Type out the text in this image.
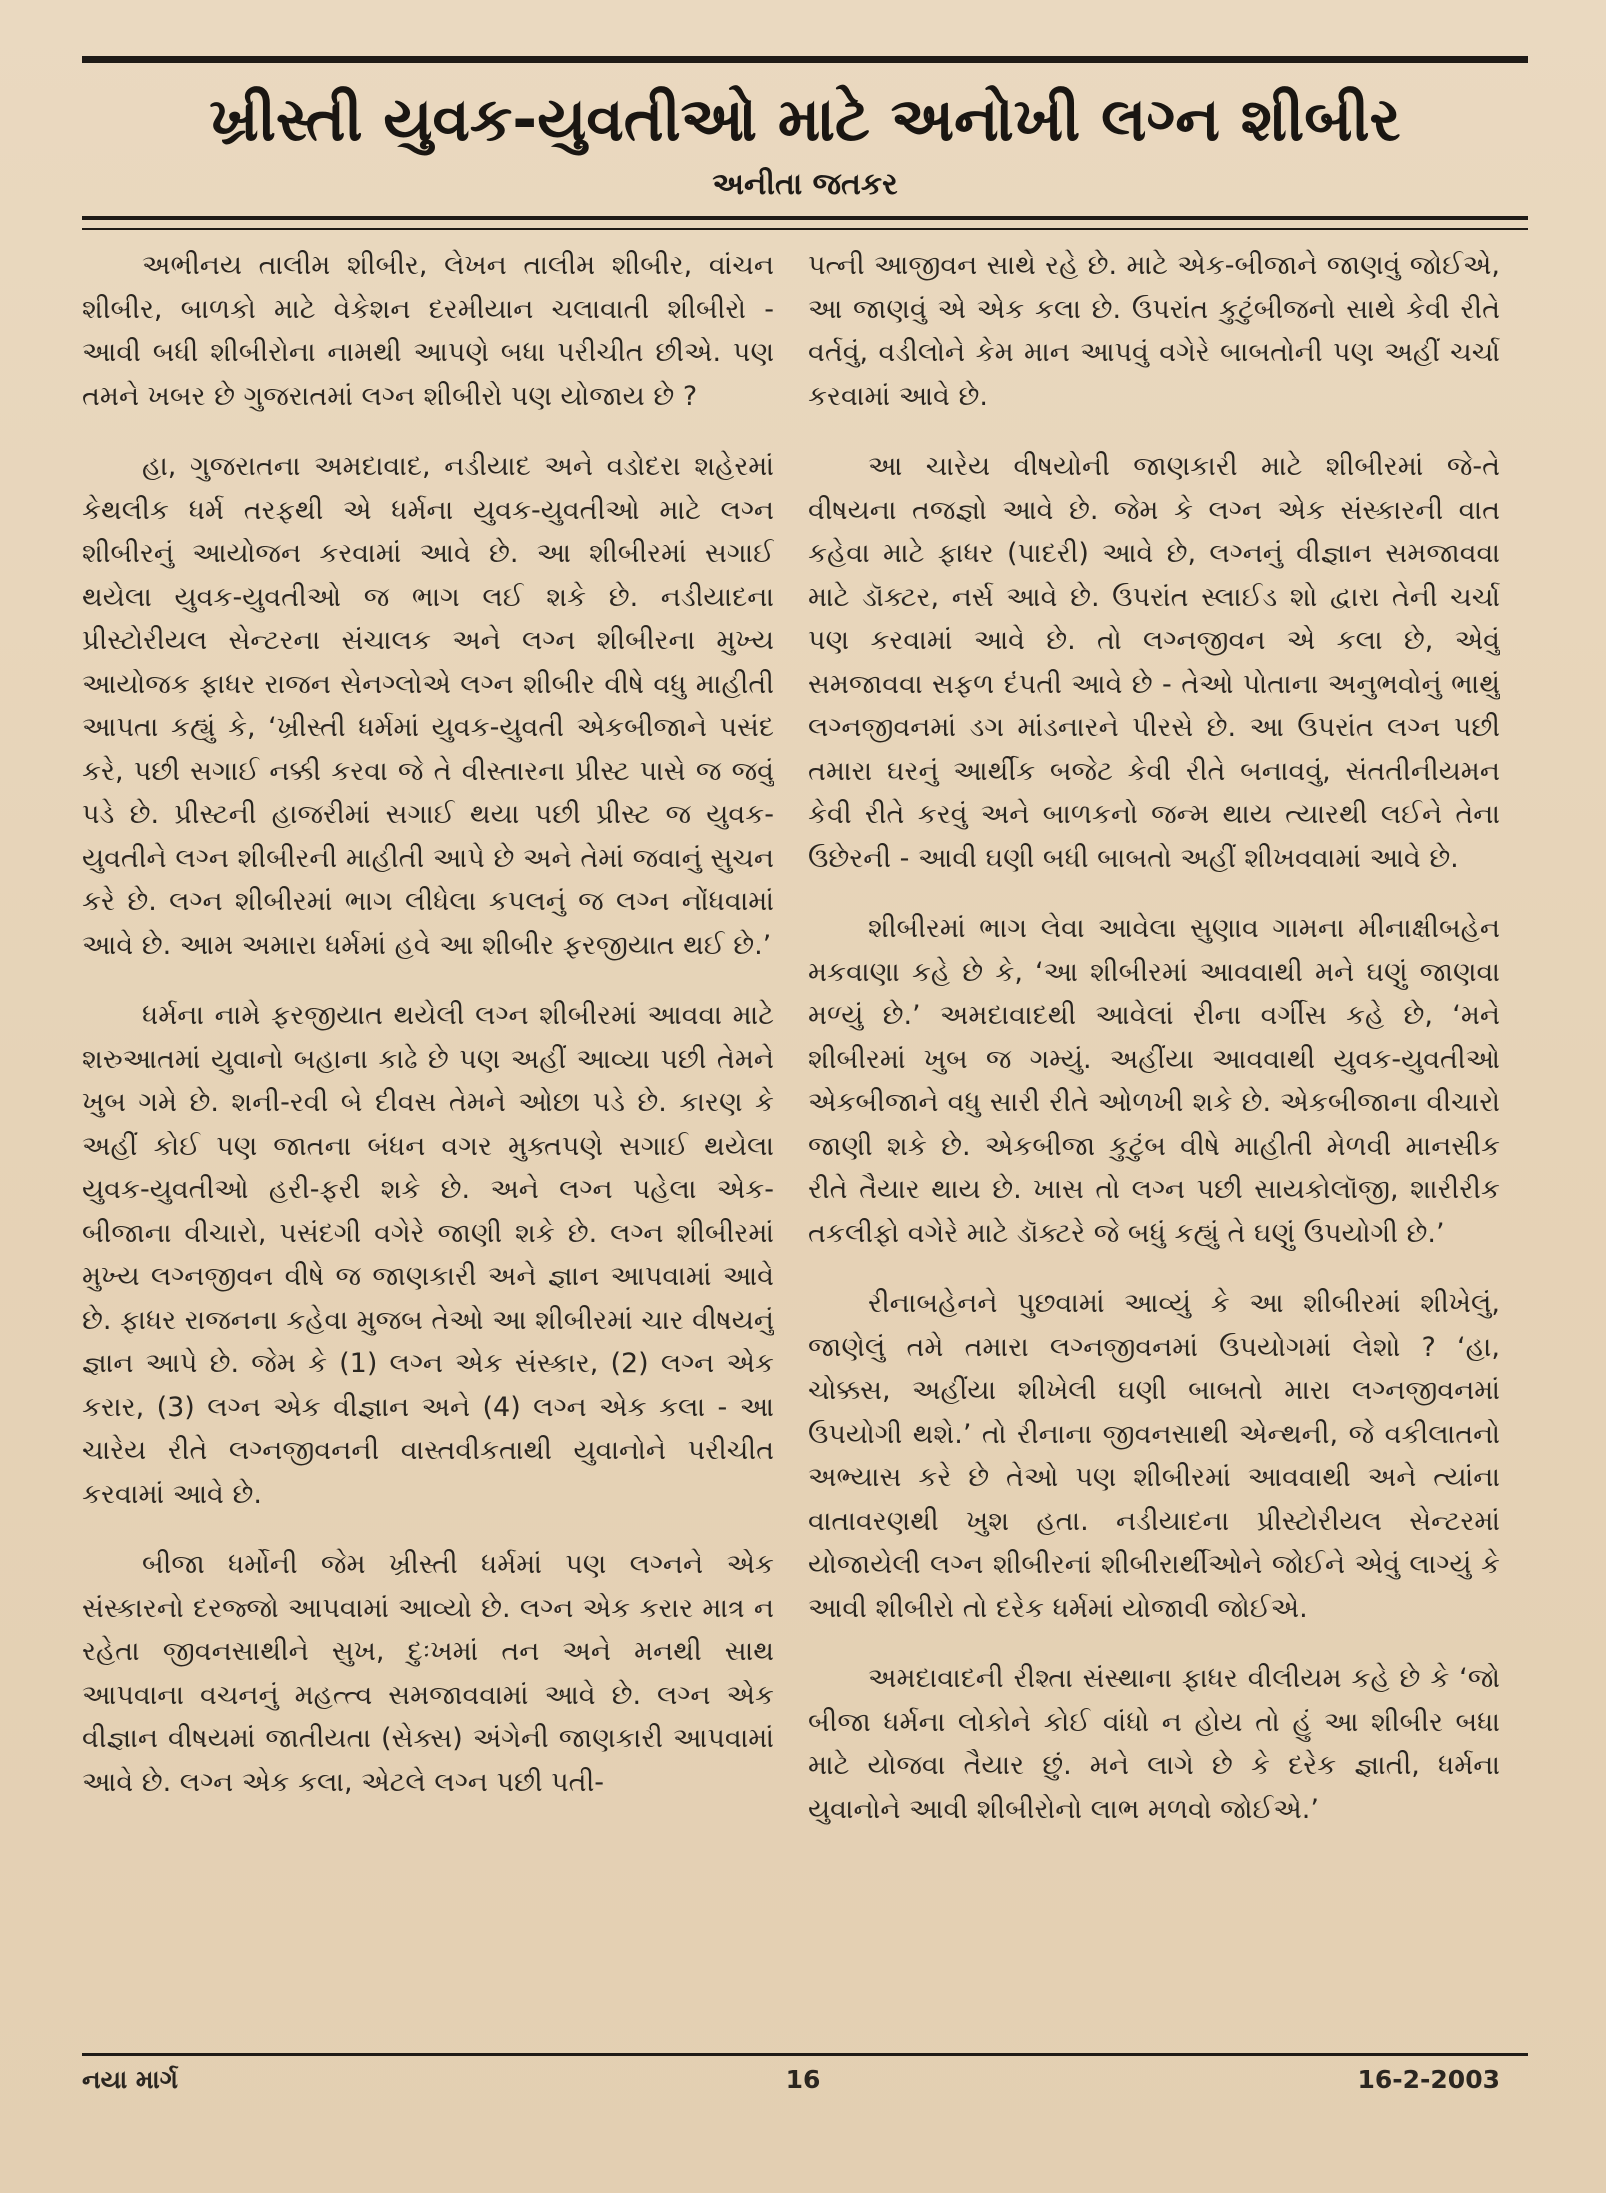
ખ્રીસ્તી યુવક-યુવતીઓ માટે અનોખી લગ્ન શીબીર
અનીતા જતકર

અભીનય તાલીમ શીબીર, લેખન તાલીમ શીબીર, વાંચન શીબીર, બાળકો માટે વેકેશન દરમીયાન ચલાવાતી શીબીરો - આવી બધી શીબીરોના નામથી આપણે બધા પરીચીત છીએ. પણ તમને ખબર છે ગુજરાતમાં લગ્ન શીબીરો પણ યોજાય છે ?

હા, ગુજરાતના અમદાવાદ, નડીયાદ અને વડોદરા શહેરમાં કેથલીક ધર્મ તરફથી એ ધર્મના યુવક-યુવતીઓ માટે લગ્ન શીબીરનું આયોજન કરવામાં આવે છે. આ શીબીરમાં સગાઈ થયેલા યુવક-યુવતીઓ જ ભાગ લઈ શકે છે. નડીયાદના પ્રીસ્ટોરીયલ સેન્ટરના સંચાલક અને લગ્ન શીબીરના મુખ્ય આયોજક ફાધર રાજન સેનગ્લોએ લગ્ન શીબીર વીષે વધુ માહીતી આપતા કહ્યું કે, ‘ખ્રીસ્તી ધર્મમાં યુવક-યુવતી એકબીજાને પસંદ કરે, પછી સગાઈ નક્કી કરવા જે તે વીસ્તારના પ્રીસ્ટ પાસે જ જવું પડે છે. પ્રીસ્ટની હાજરીમાં સગાઈ થયા પછી પ્રીસ્ટ જ યુવક-યુવતીને લગ્ન શીબીરની માહીતી આપે છે અને તેમાં જવાનું સુચન કરે છે. લગ્ન શીબીરમાં ભાગ લીધેલા કપલનું જ લગ્ન નોંધવામાં આવે છે. આમ અમારા ધર્મમાં હવે આ શીબીર ફરજીયાત થઈ છે.’

ધર્મના નામે ફરજીયાત થયેલી લગ્ન શીબીરમાં આવવા માટે શરુઆતમાં યુવાનો બહાના કાઢે છે પણ અહીં આવ્યા પછી તેમને ખુબ ગમે છે. શની-રવી બે દીવસ તેમને ઓછા પડે છે. કારણ કે અહીં કોઈ પણ જાતના બંધન વગર મુક્તપણે સગાઈ થયેલા યુવક-યુવતીઓ હરી-ફરી શકે છે. અને લગ્ન પહેલા એક-બીજાના વીચારો, પસંદગી વગેરે જાણી શકે છે. લગ્ન શીબીરમાં મુખ્ય લગ્નજીવન વીષે જ જાણકારી અને જ્ઞાન આપવામાં આવે છે. ફાધર રાજનના કહેવા મુજબ તેઓ આ શીબીરમાં ચાર વીષયનું જ્ઞાન આપે છે. જેમ કે (1) લગ્ન એક સંસ્કાર, (2) લગ્ન એક કરાર, (3) લગ્ન એક વીજ્ઞાન અને (4) લગ્ન એક કલા - આ ચારેય રીતે લગ્નજીવનની વાસ્તવીકતાથી યુવાનોને પરીચીત કરવામાં આવે છે.

બીજા ધર્મોની જેમ ખ્રીસ્તી ધર્મમાં પણ લગ્નને એક સંસ્કારનો દરજ્જો આપવામાં આવ્યો છે. લગ્ન એક કરાર માત્ર ન રહેતા જીવનસાથીને સુખ, દુઃખમાં તન અને મનથી સાથ આપવાના વચનનું મહત્ત્વ સમજાવવામાં આવે છે. લગ્ન એક વીજ્ઞાન વીષયમાં જાતીયતા (સેક્સ) અંગેની જાણકારી આપવામાં આવે છે. લગ્ન એક કલા, એટલે લગ્ન પછી પતી-

પત્ની આજીવન સાથે રહે છે. માટે એક-બીજાને જાણવું જોઈએ, આ જાણવું એ એક કલા છે. ઉપરાંત કુટુંબીજનો સાથે કેવી રીતે વર્તવું, વડીલોને કેમ માન આપવું વગેરે બાબતોની પણ અહીં ચર્ચા કરવામાં આવે છે.

આ ચારેય વીષયોની જાણકારી માટે શીબીરમાં જે-તે વીષયના તજજ્ઞો આવે છે. જેમ કે લગ્ન એક સંસ્કારની વાત કહેવા માટે ફાધર (પાદરી) આવે છે, લગ્નનું વીજ્ઞાન સમજાવવા માટે ડૉક્ટર, નર્સ આવે છે. ઉપરાંત સ્લાઈડ શો દ્વારા તેની ચર્ચા પણ કરવામાં આવે છે. તો લગ્નજીવન એ કલા છે, એવું સમજાવવા સફળ દંપતી આવે છે - તેઓ પોતાના અનુભવોનું ભાથું લગ્નજીવનમાં ડગ માંડનારને પીરસે છે. આ ઉપરાંત લગ્ન પછી તમારા ઘરનું આર્થીક બજેટ કેવી રીતે બનાવવું, સંતતીનીયમન કેવી રીતે કરવું અને બાળકનો જન્મ થાય ત્યારથી લઈને તેના ઉછેરની - આવી ઘણી બધી બાબતો અહીં શીખવવામાં આવે છે.

શીબીરમાં ભાગ લેવા આવેલા સુણાવ ગામના મીનાક્ષીબહેન મકવાણા કહે છે કે, ‘આ શીબીરમાં આવવાથી મને ઘણું જાણવા મળ્યું છે.’ અમદાવાદથી આવેલાં રીના વર્ગીસ કહે છે, ‘મને શીબીરમાં ખુબ જ ગમ્યું. અહીંયા આવવાથી યુવક-યુવતીઓ એકબીજાને વધુ સારી રીતે ઓળખી શકે છે. એકબીજાના વીચારો જાણી શકે છે. એકબીજા કુટુંબ વીષે માહીતી મેળવી માનસીક રીતે તૈયાર થાય છે. ખાસ તો લગ્ન પછી સાયકોલૉજી, શારીરીક તકલીફો વગેરે માટે ડૉક્ટરે જે બધું કહ્યું તે ઘણું ઉપયોગી છે.’

રીનાબહેનને પુછવામાં આવ્યું કે આ શીબીરમાં શીખેલું, જાણેલું તમે તમારા લગ્નજીવનમાં ઉપયોગમાં લેશો ? ‘હા, ચોક્કસ, અહીંયા શીખેલી ઘણી બાબતો મારા લગ્નજીવનમાં ઉપયોગી થશે.’ તો રીનાના જીવનસાથી એન્થની, જે વકીલાતનો અભ્યાસ કરે છે તેઓ પણ શીબીરમાં આવવાથી અને ત્યાંના વાતાવરણથી ખુશ હતા. નડીયાદના પ્રીસ્ટોરીયલ સેન્ટરમાં યોજાયેલી લગ્ન શીબીરનાં શીબીરાર્થીઓને જોઈને એવું લાગ્યું કે આવી શીબીરો તો દરેક ધર્મમાં યોજાવી જોઈએ.

અમદાવાદની રીશ્તા સંસ્થાના ફાધર વીલીયમ કહે છે કે ‘જો બીજા ધર્મના લોકોને કોઈ વાંધો ન હોય તો હું આ શીબીર બધા માટે યોજવા તૈયાર છું. મને લાગે છે કે દરેક જ્ઞાતી, ધર્મના યુવાનોને આવી શીબીરોનો લાભ મળવો જોઈએ.’

નયા માર્ગ	16	16-2-2003
